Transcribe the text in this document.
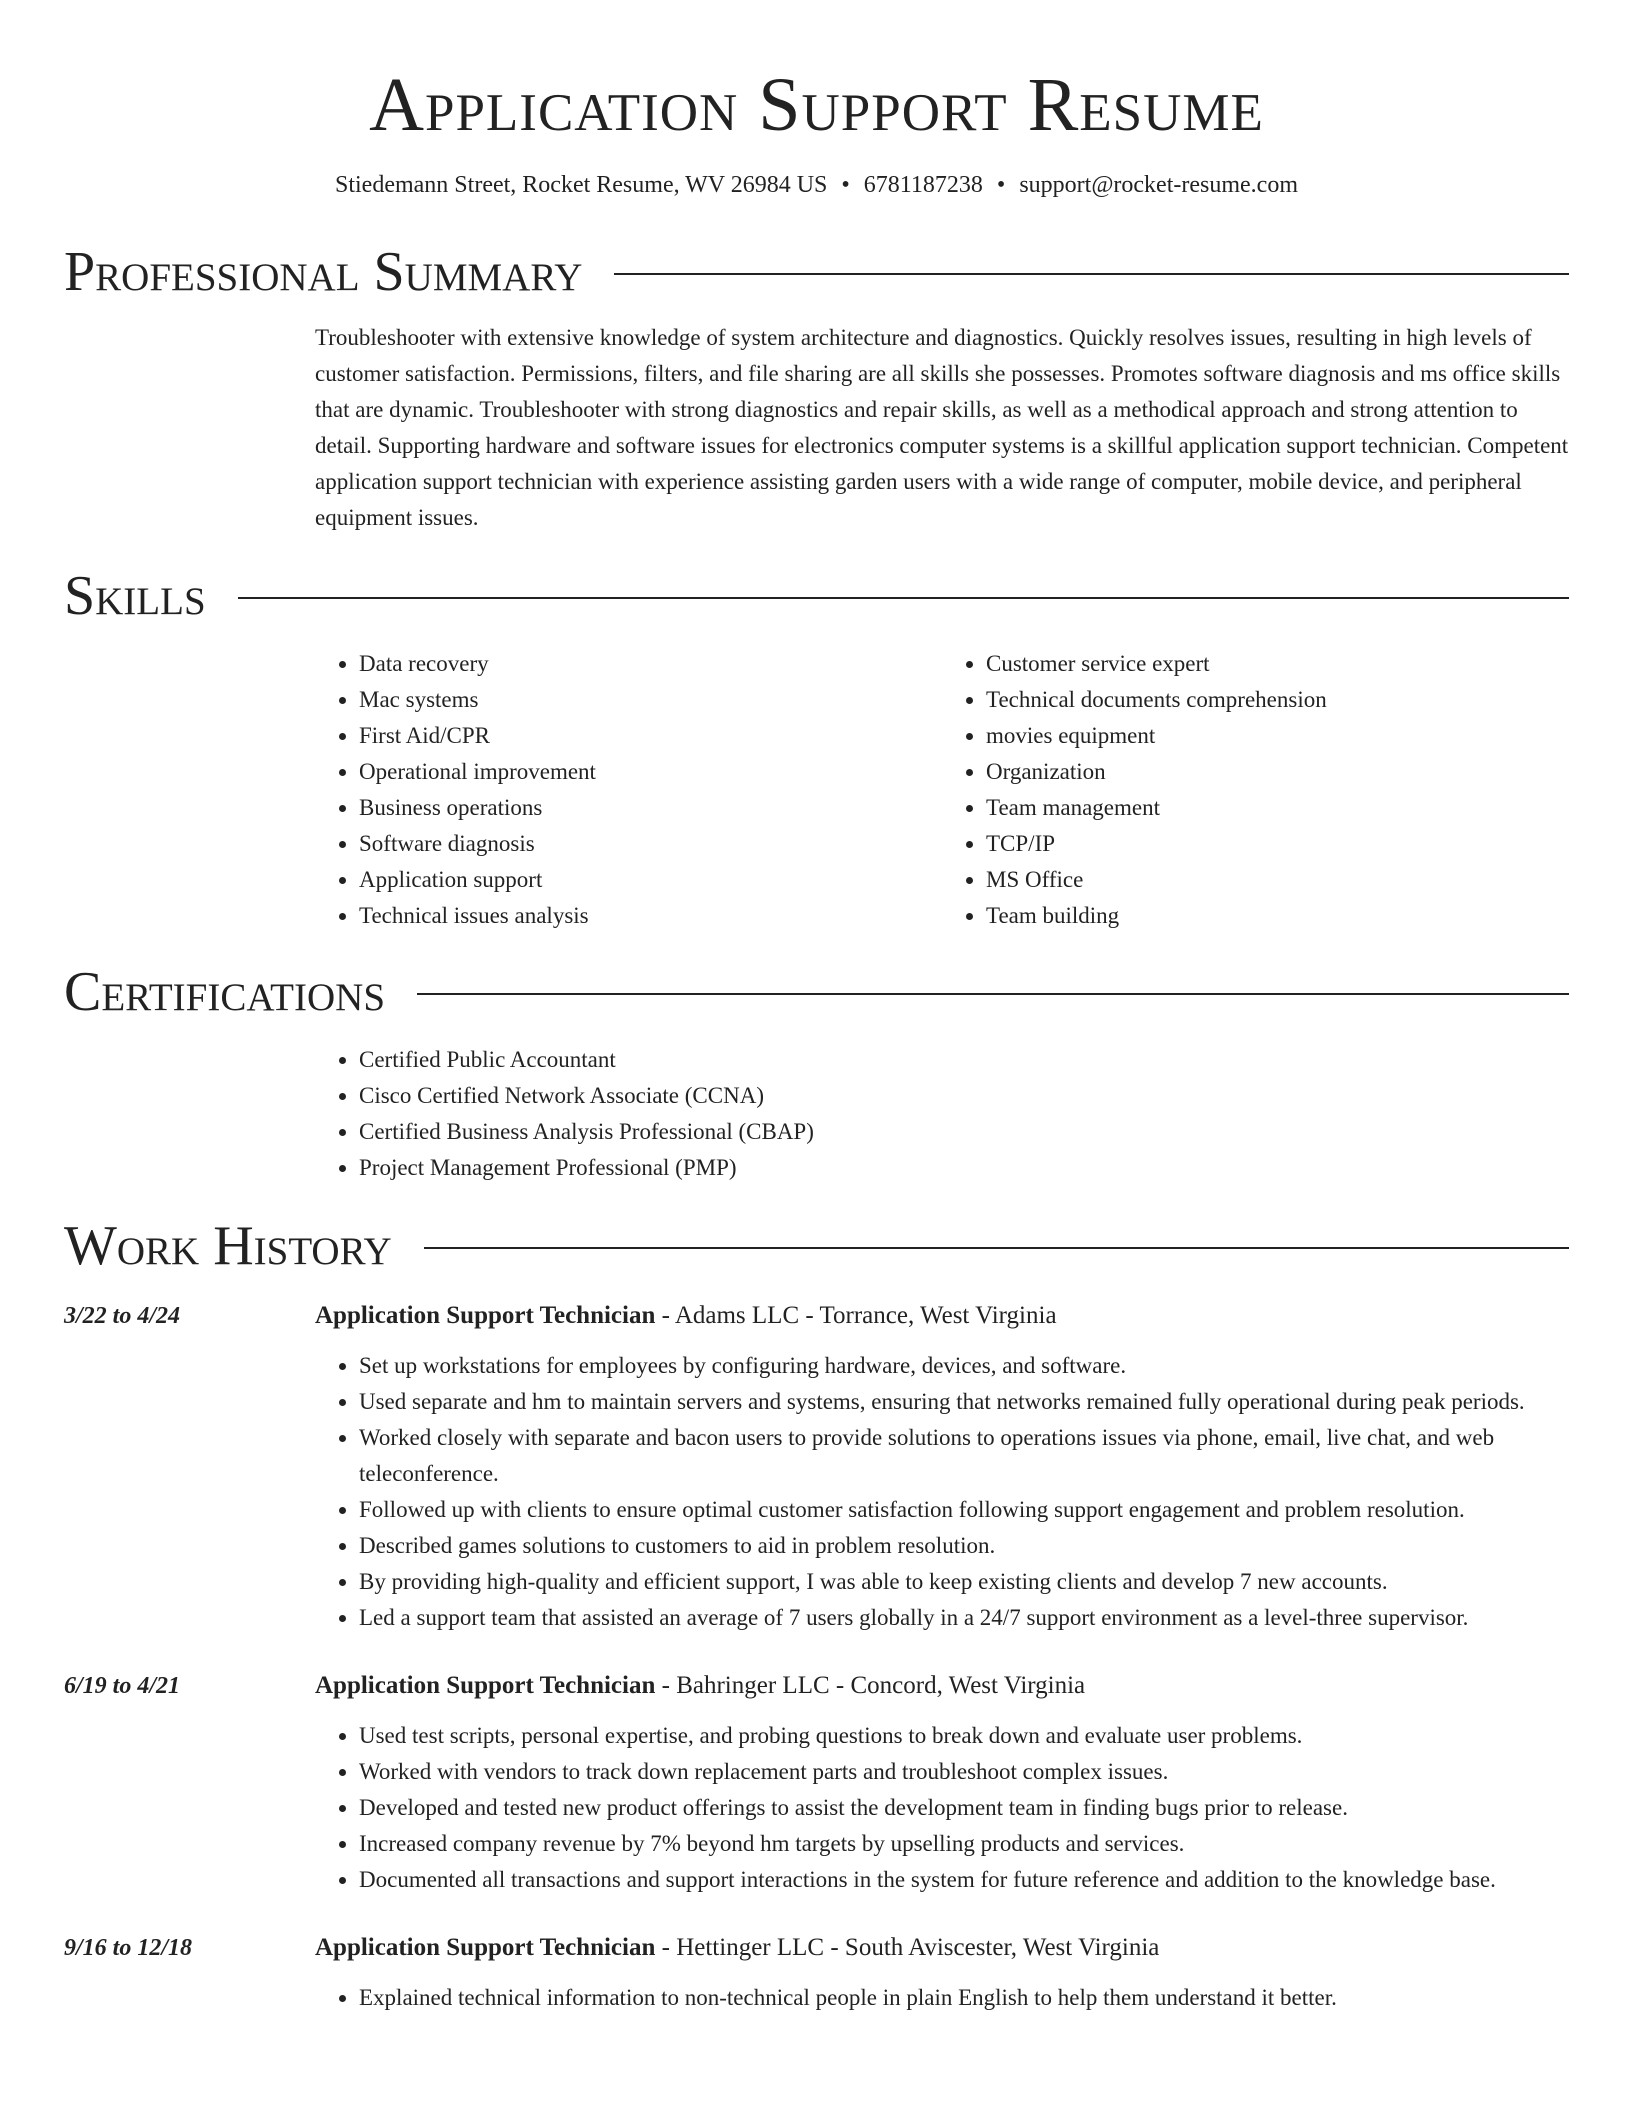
Application Support Resume
Stiedemann Street, Rocket Resume, WV 26984 US • 6781187238 • support@rocket-resume.com
Professional Summary
Troubleshooter with extensive knowledge of system architecture and diagnostics. Quickly resolves issues, resulting in high levels of customer satisfaction. Permissions, filters, and file sharing are all skills she possesses. Promotes software diagnosis and ms office skills that are dynamic. Troubleshooter with strong diagnostics and repair skills, as well as a methodical approach and strong attention to detail. Supporting hardware and software issues for electronics computer systems is a skillful application support technician. Competent application support technician with experience assisting garden users with a wide range of computer, mobile device, and peripheral equipment issues.
Skills
• Data recovery
• Mac systems
• First Aid/CPR
• Operational improvement
• Business operations
• Software diagnosis
• Application support
• Technical issues analysis
• Customer service expert
• Technical documents comprehension
• movies equipment
• Organization
• Team management
• TCP/IP
• MS Office
• Team building
Certifications
• Certified Public Accountant
• Cisco Certified Network Associate (CCNA)
• Certified Business Analysis Professional (CBAP)
• Project Management Professional (PMP)
Work History
3/22 to 4/24	Application Support Technician - Adams LLC - Torrance, West Virginia
• Set up workstations for employees by configuring hardware, devices, and software.
• Used separate and hm to maintain servers and systems, ensuring that networks remained fully operational during peak periods.
• Worked closely with separate and bacon users to provide solutions to operations issues via phone, email, live chat, and web teleconference.
• Followed up with clients to ensure optimal customer satisfaction following support engagement and problem resolution.
• Described games solutions to customers to aid in problem resolution.
• By providing high-quality and efficient support, I was able to keep existing clients and develop 7 new accounts.
• Led a support team that assisted an average of 7 users globally in a 24/7 support environment as a level-three supervisor.
6/19 to 4/21	Application Support Technician - Bahringer LLC - Concord, West Virginia
• Used test scripts, personal expertise, and probing questions to break down and evaluate user problems.
• Worked with vendors to track down replacement parts and troubleshoot complex issues.
• Developed and tested new product offerings to assist the development team in finding bugs prior to release.
• Increased company revenue by 7% beyond hm targets by upselling products and services.
• Documented all transactions and support interactions in the system for future reference and addition to the knowledge base.
9/16 to 12/18	Application Support Technician - Hettinger LLC - South Aviscester, West Virginia
• Explained technical information to non-technical people in plain English to help them understand it better.
